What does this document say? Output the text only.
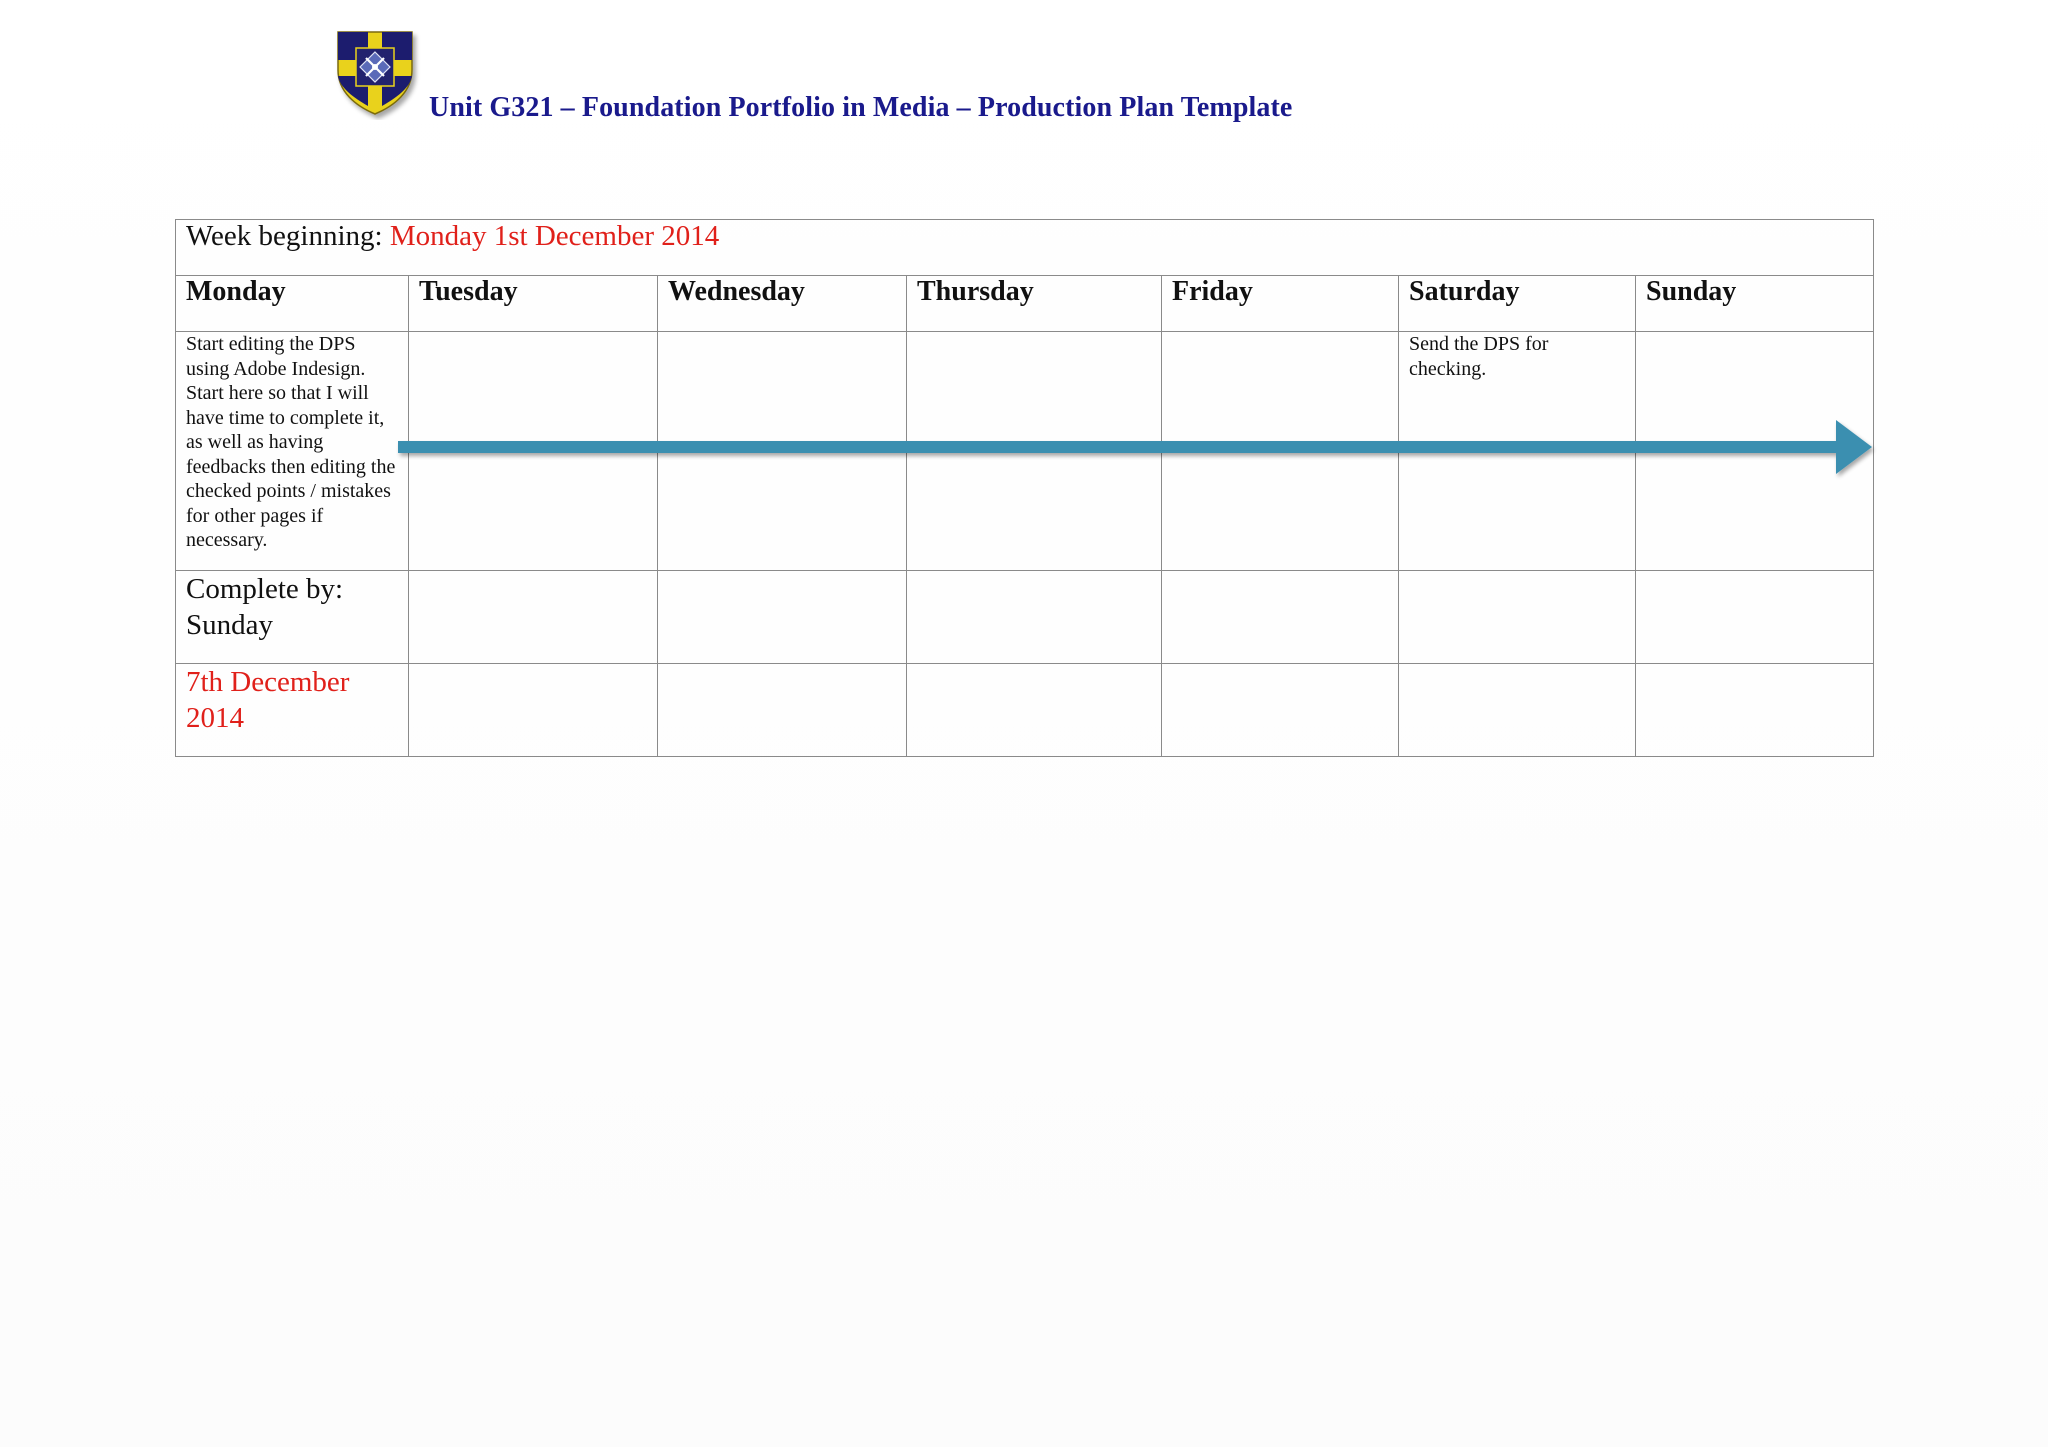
Unit G321 – Foundation Portfolio in Media – Production Plan Template
Week beginning: Monday 1st December 2014						
Monday	Tuesday	Wednesday	Thursday	Friday	Saturday	Sunday
Start editing the DPS using Adobe Indesign. Start here so that I will have time to complete it, as well as having feedbacks then editing the checked points / mistakes for other pages if necessary.					Send the DPS for checking.	
Complete by: Sunday						
7th December 2014						
